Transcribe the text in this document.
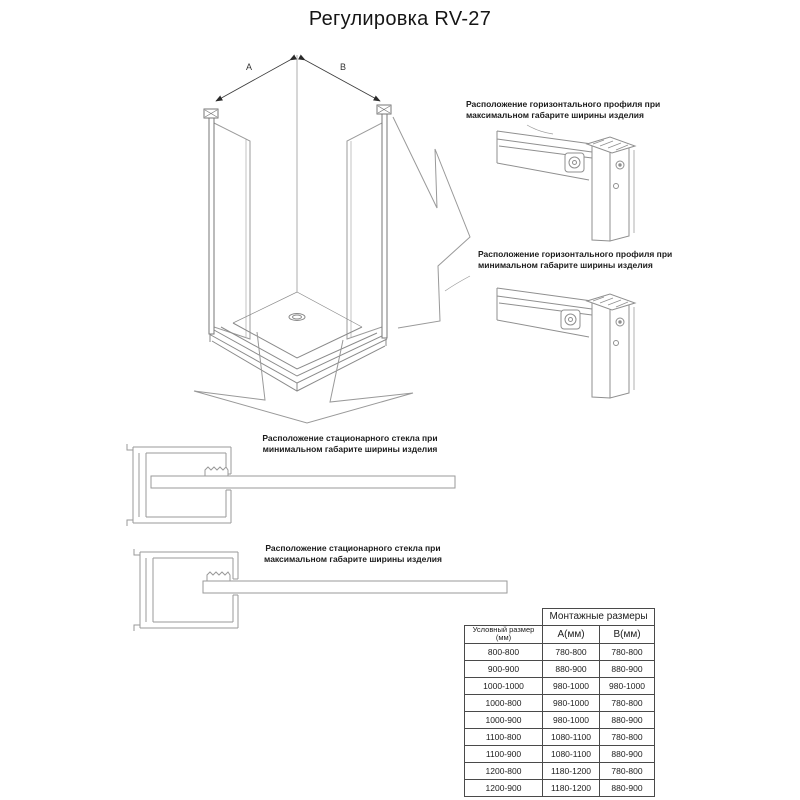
Регулировка RV-27
А	В
Расположение горизонтального профиля при
максимальном габарите ширины изделия
Расположение горизонтального профиля при
минимальном габарите ширины изделия
Расположение стационарного стекла при
минимальном габарите ширины изделия
Расположение стационарного стекла при
максимальном габарите ширины изделия
	Монтажные размеры	

Условный размер
(мм)	А(мм)	В(мм)
800-800	780-800	780-800
900-900	880-900	880-900
1000-1000	980-1000	980-1000
1000-800	980-1000	780-800
1000-900	980-1000	880-900
1100-800	1080-1100	780-800
1100-900	1080-1100	880-900
1200-800	1180-1200	780-800
1200-900	1180-1200	880-900
